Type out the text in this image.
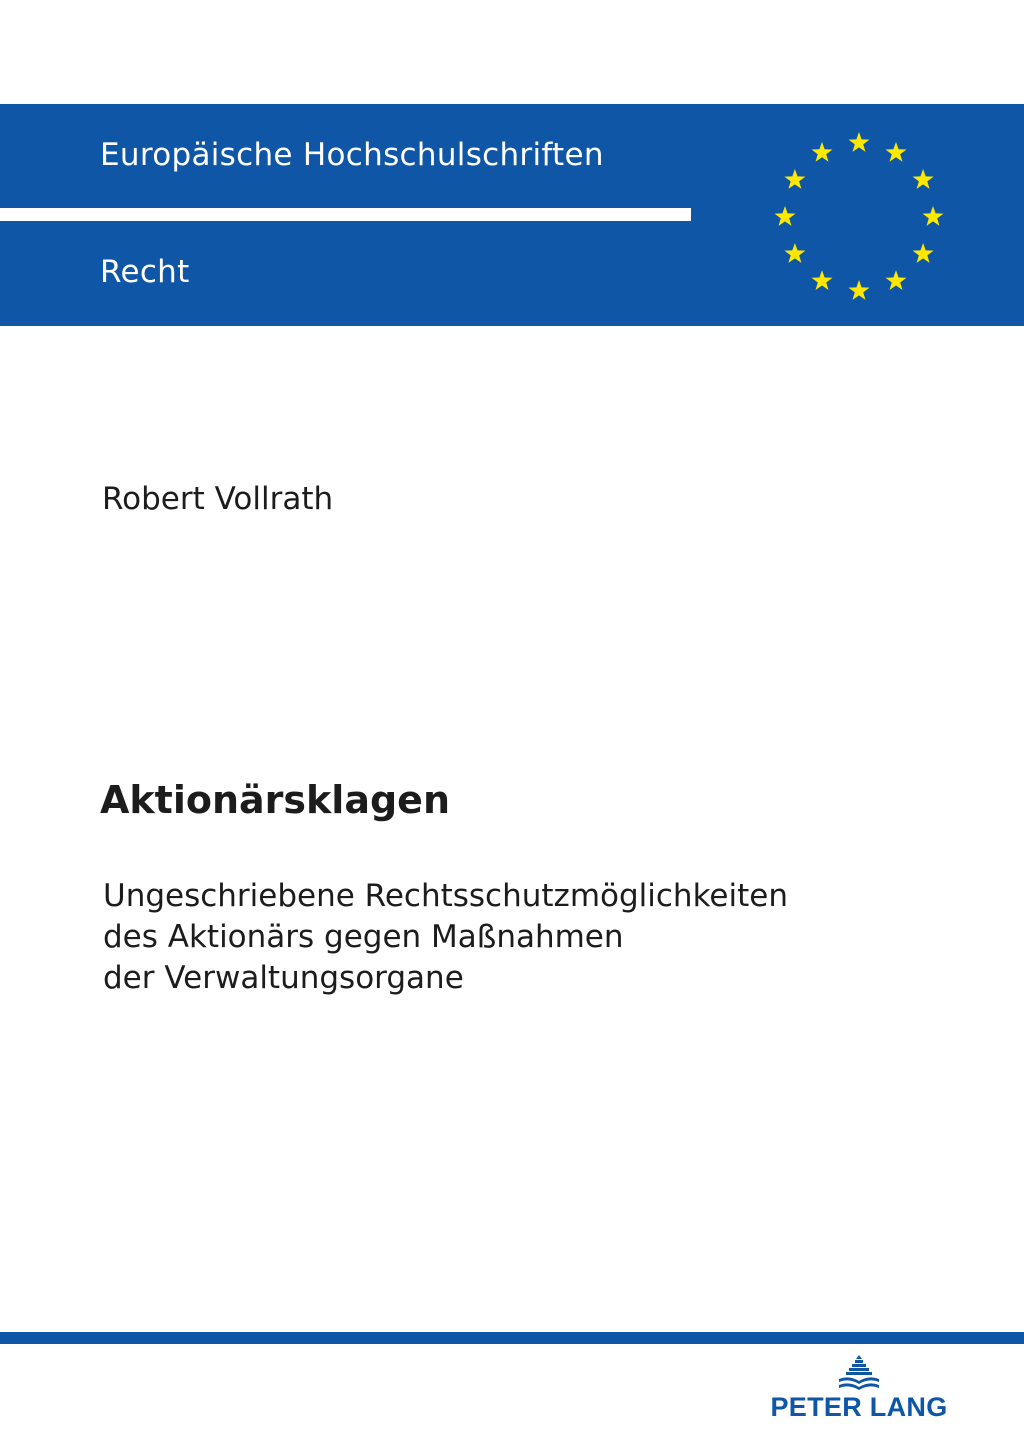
Europäische Hochschulschriften
Recht
Robert Vollrath
Aktionärsklagen
Ungeschriebene Rechtsschutzmöglichkeiten
des Aktionärs gegen Maßnahmen
der Verwaltungsorgane
PETER LANG
